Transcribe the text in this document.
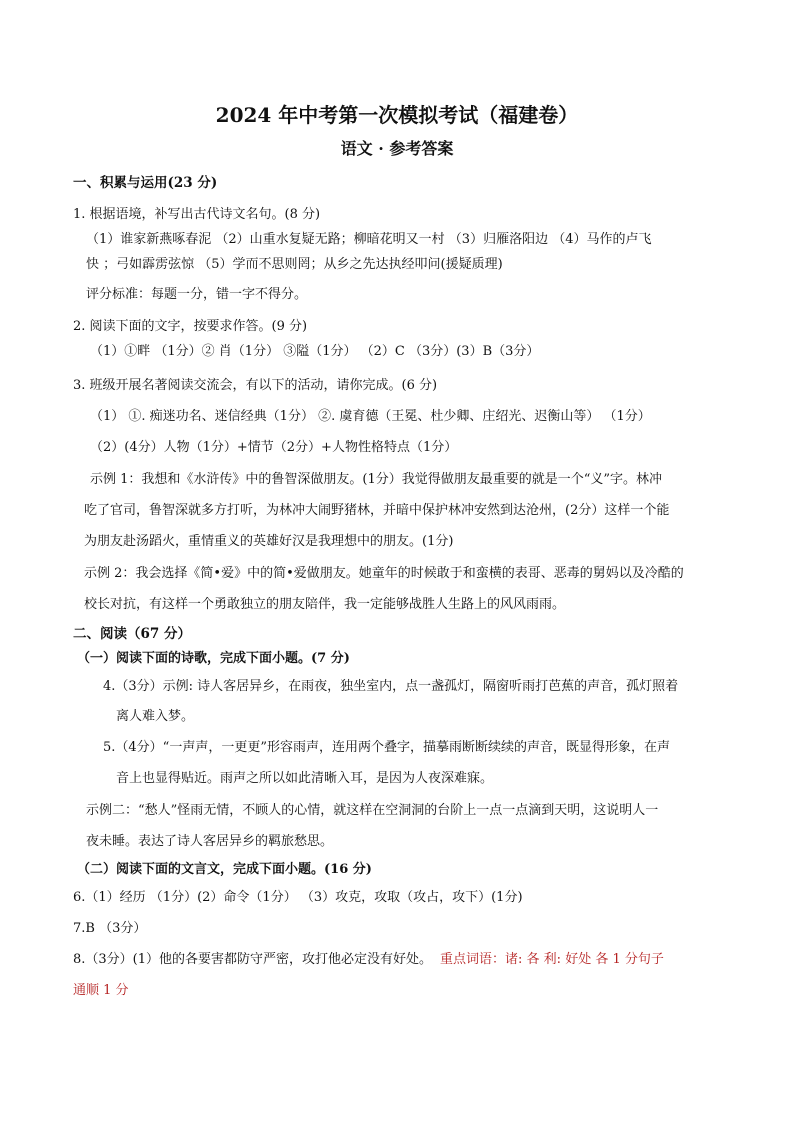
2024 年中考第一次模拟考试（福建卷）
语文 · 参考答案
一、积累与运用(23 分)
1. 根据语境，补写出古代诗文名句。(8 分)
（1）谁家新燕啄春泥 （2）山重水复疑无路；柳暗花明又一村 （3）归雁洛阳边 （4）马作的卢飞
快 ；弓如霹雳弦惊 （5）学而不思则罔；从乡之先达执经叩问(援疑质理)
评分标准：每题一分，错一字不得分。
2. 阅读下面的文字，按要求作答。(9 分)
（1）①畔 （1分）② 肖（1分） ③隘（1分） （2）C （3分）(3）B（3分）
3. 班级开展名著阅读交流会，有以下的活动，请你完成。(6 分)
（1） ①. 痴迷功名、迷信经典（1分） ②. 虞育德（王冕、杜少卿、庄绍光、迟衡山等） （1分）
（2）(4分）人物（1分）+情节（2分）+人物性格特点（1分）
示例 1：我想和《水浒传》中的鲁智深做朋友。(1分）我觉得做朋友最重要的就是一个“义”字。林冲
吃了官司，鲁智深就多方打听，为林冲大闹野猪林，并暗中保护林冲安然到达沧州，(2分）这样一个能
为朋友赴汤蹈火，重情重义的英雄好汉是我理想中的朋友。(1分)
示例 2：我会选择《简•爱》中的简•爱做朋友。她童年的时候敢于和蛮横的表哥、恶毒的舅妈以及冷酷的
校长对抗，有这样一个勇敢独立的朋友陪伴，我一定能够战胜人生路上的风风雨雨。
二、阅读（67 分）
（一）阅读下面的诗歌，完成下面小题。(7 分)
4.（3分）示例: 诗人客居异乡，在雨夜，独坐室内，点一盏孤灯，隔窗听雨打芭蕉的声音，孤灯照着
离人难入梦。
5.（4分）“一声声，一更更”形容雨声，连用两个叠字，描摹雨断断续续的声音，既显得形象，在声
音上也显得贴近。雨声之所以如此清晰入耳，是因为人夜深难寐。
示例二：“愁人”怪雨无情，不顾人的心情，就这样在空洞洞的台阶上一点一点滴到天明，这说明人一
夜未睡。表达了诗人客居异乡的羁旅愁思。
（二）阅读下面的文言文，完成下面小题。(16 分)
6.（1）经历 （1分）(2）命令（1分） （3）攻克，攻取（攻占，攻下）(1分)
7.B （3分）
8.（3分）(1）他的各要害都防守严密，攻打他必定没有好处。 重点词语：诸: 各 利: 好处 各 1 分句子
通顺 1 分
